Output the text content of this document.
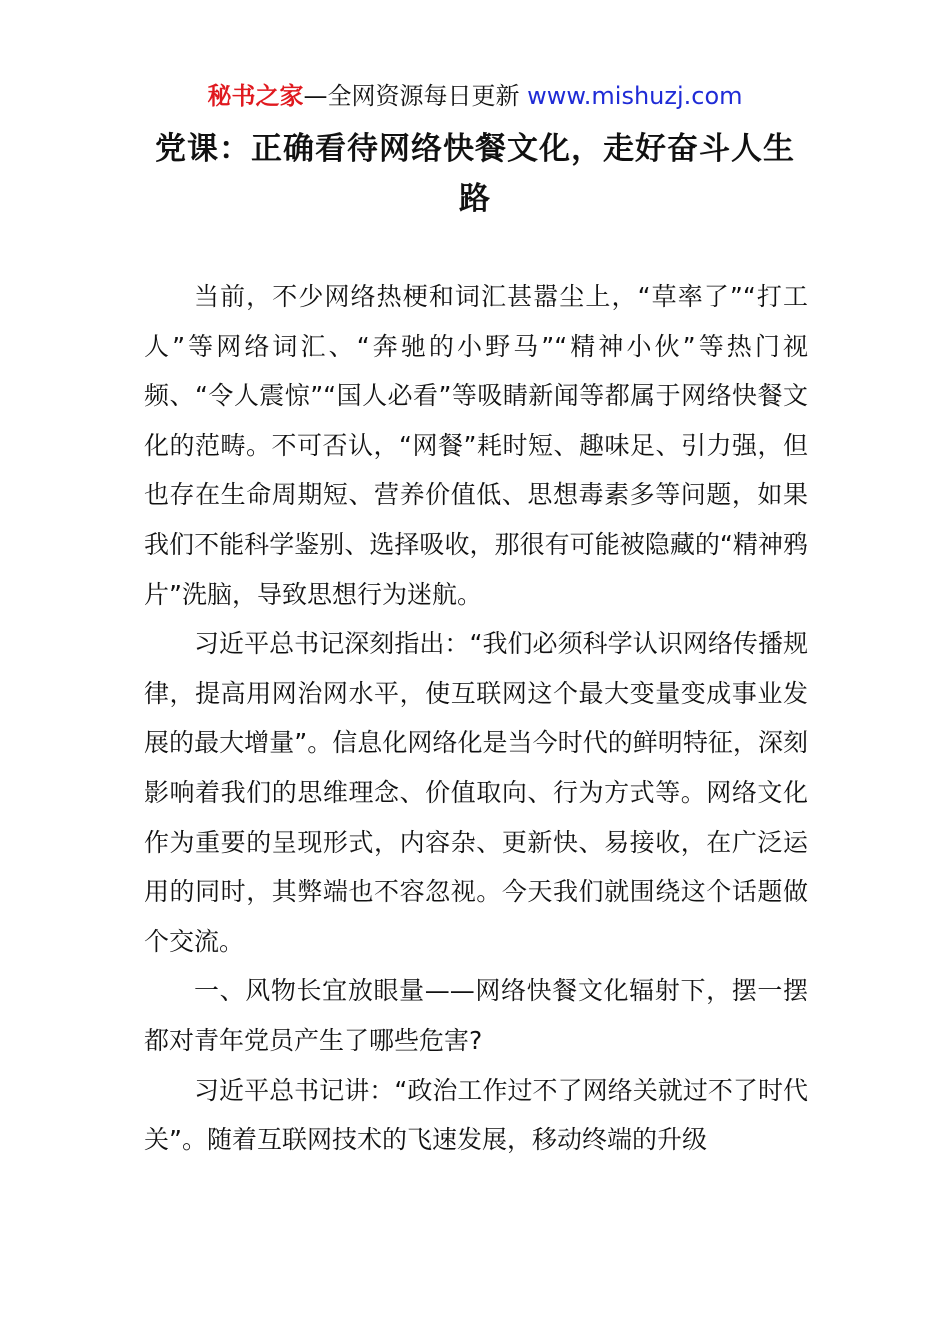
秘书之家—全网资源每日更新 www.mishuzj.com
党课：正确看待网络快餐文化，走好奋斗人生路

当前，不少网络热梗和词汇甚嚣尘上，“草率了”“打工人”等网络词汇、“奔驰的小野马”“精神小伙”等热门视频、“令人震惊”“国人必看”等吸睛新闻等都属于网络快餐文化的范畴。不可否认，“网餐”耗时短、趣味足、引力强，但也存在生命周期短、营养价值低、思想毒素多等问题，如果我们不能科学鉴别、选择吸收，那很有可能被隐藏的“精神鸦片”洗脑，导致思想行为迷航。

习近平总书记深刻指出：“我们必须科学认识网络传播规律，提高用网治网水平，使互联网这个最大变量变成事业发展的最大增量”。信息化网络化是当今时代的鲜明特征，深刻影响着我们的思维理念、价值取向、行为方式等。网络文化作为重要的呈现形式，内容杂、更新快、易接收，在广泛运用的同时，其弊端也不容忽视。今天我们就围绕这个话题做个交流。

一、风物长宜放眼量——网络快餐文化辐射下，摆一摆都对青年党员产生了哪些危害?

习近平总书记讲：“政治工作过不了网络关就过不了时代关”。随着互联网技术的飞速发展，移动终端的升级
